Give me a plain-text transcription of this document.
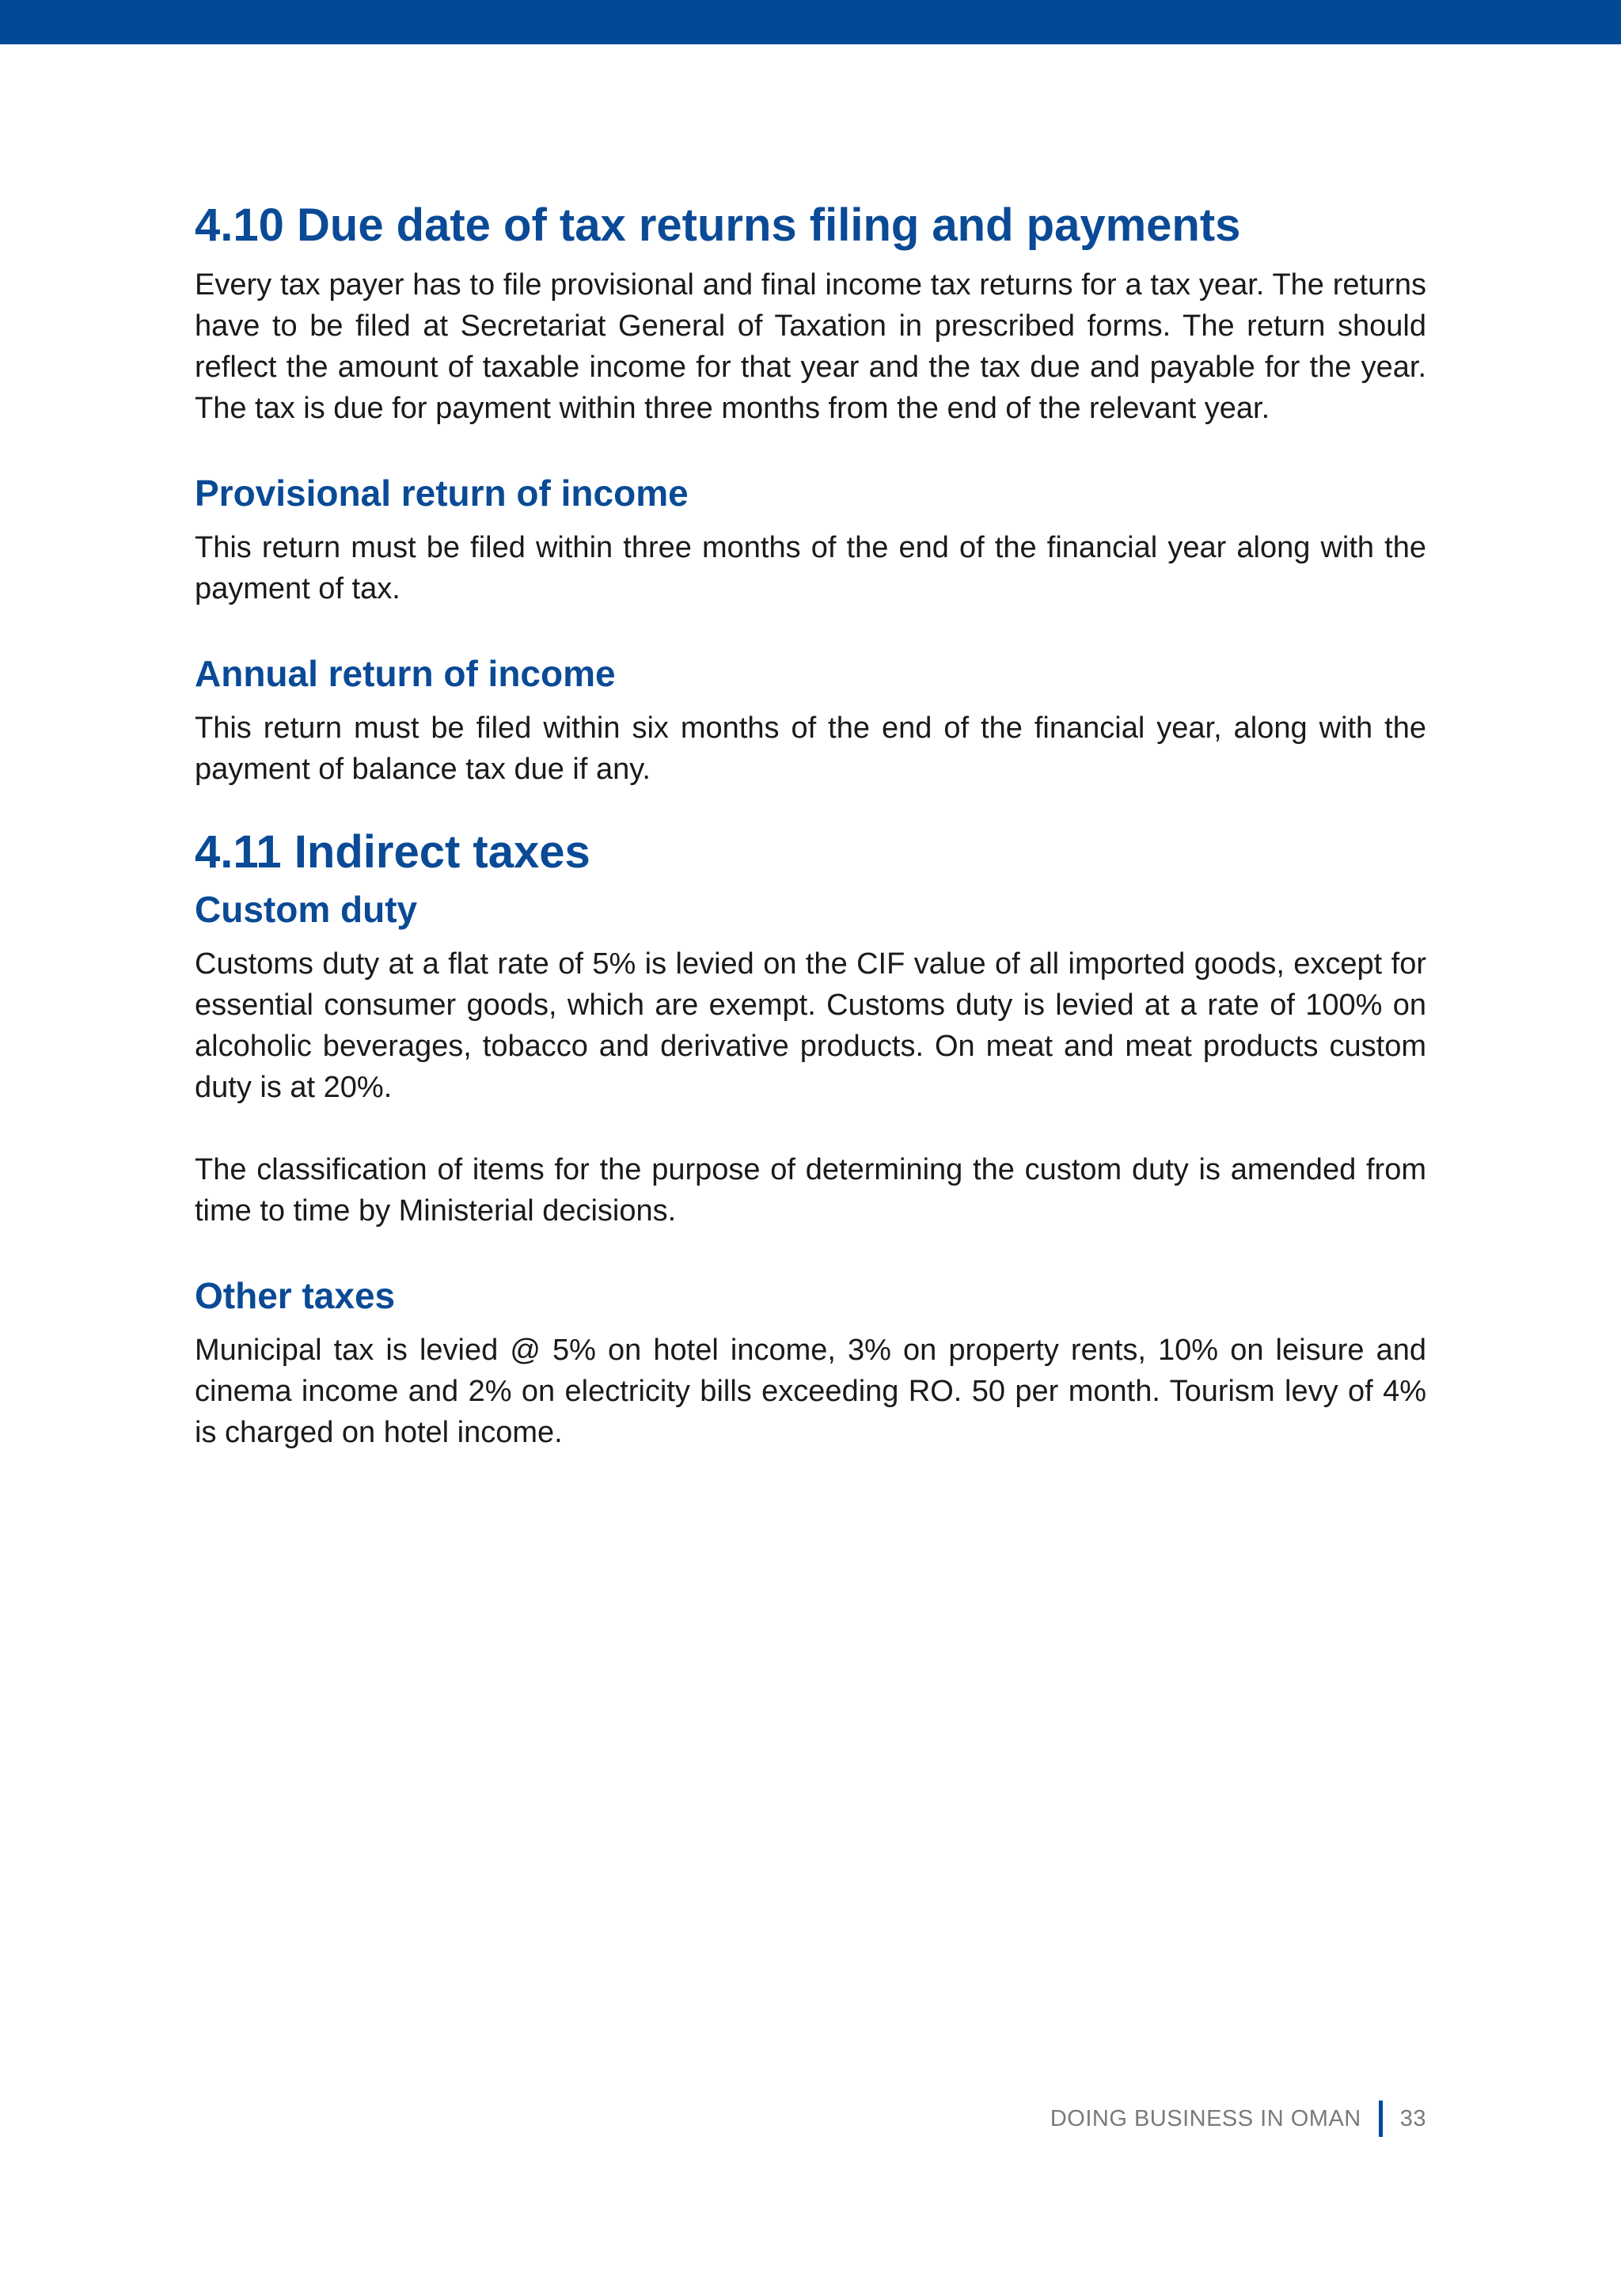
4.10 Due date of tax returns filing and payments

Every tax payer has to file provisional and final income tax returns for a tax year. The returns have to be filed at Secretariat General of Taxation in prescribed forms. The return should reflect the amount of taxable income for that year and the tax due and payable for the year. The tax is due for payment within three months from the end of the relevant year.

Provisional return of income

This return must be filed within three months of the end of the financial year along with the payment of tax.

Annual return of income

This return must be filed within six months of the end of the financial year, along with the payment of balance tax due if any.

4.11 Indirect taxes
Custom duty

Customs duty at a flat rate of 5% is levied on the CIF value of all imported goods, except for essential consumer goods, which are exempt. Customs duty is levied at a rate of 100% on alcoholic beverages, tobacco and derivative products. On meat and meat products custom duty is at 20%.

The classification of items for the purpose of determining the custom duty is amended from time to time by Ministerial decisions.

Other taxes

Municipal tax is levied @ 5% on hotel income, 3% on property rents, 10% on leisure and cinema income and 2% on electricity bills exceeding RO. 50 per month. Tourism levy of 4% is charged on hotel income.

DOING BUSINESS IN OMAN 33
